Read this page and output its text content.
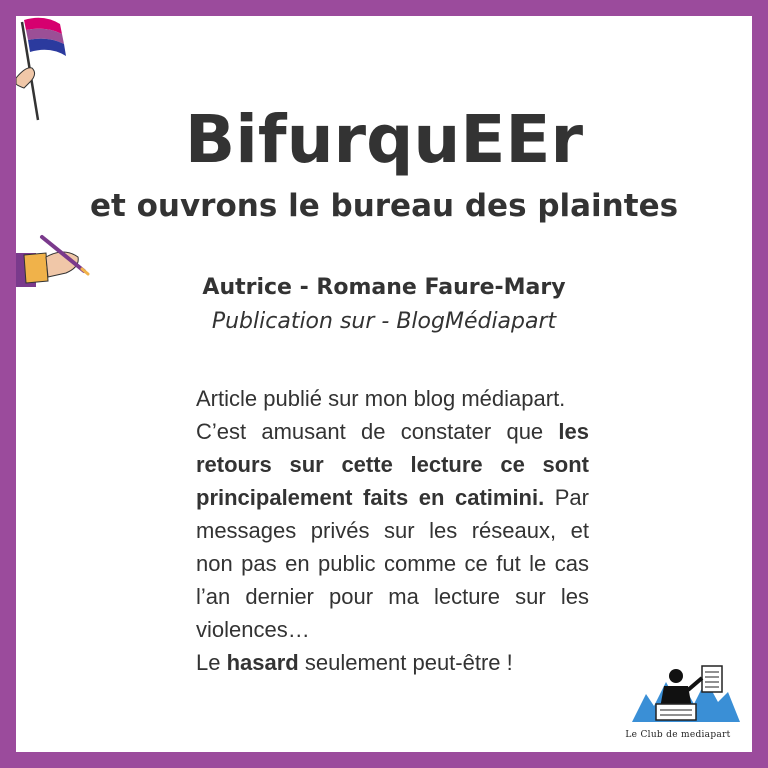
BifurquEEr
et ouvrons le bureau des plaintes
Autrice - Romane Faure-Mary
Publication sur - BlogMédiapart
Article publié sur mon blog médiapart.
C’est amusant de constater que les retours sur cette lecture ce sont principalement faits en catimini. Par messages privés sur les réseaux, et non pas en public comme ce fut le cas l’an dernier pour ma lecture sur les violences…
Le hasard seulement peut-être !
Le Club de mediapart
